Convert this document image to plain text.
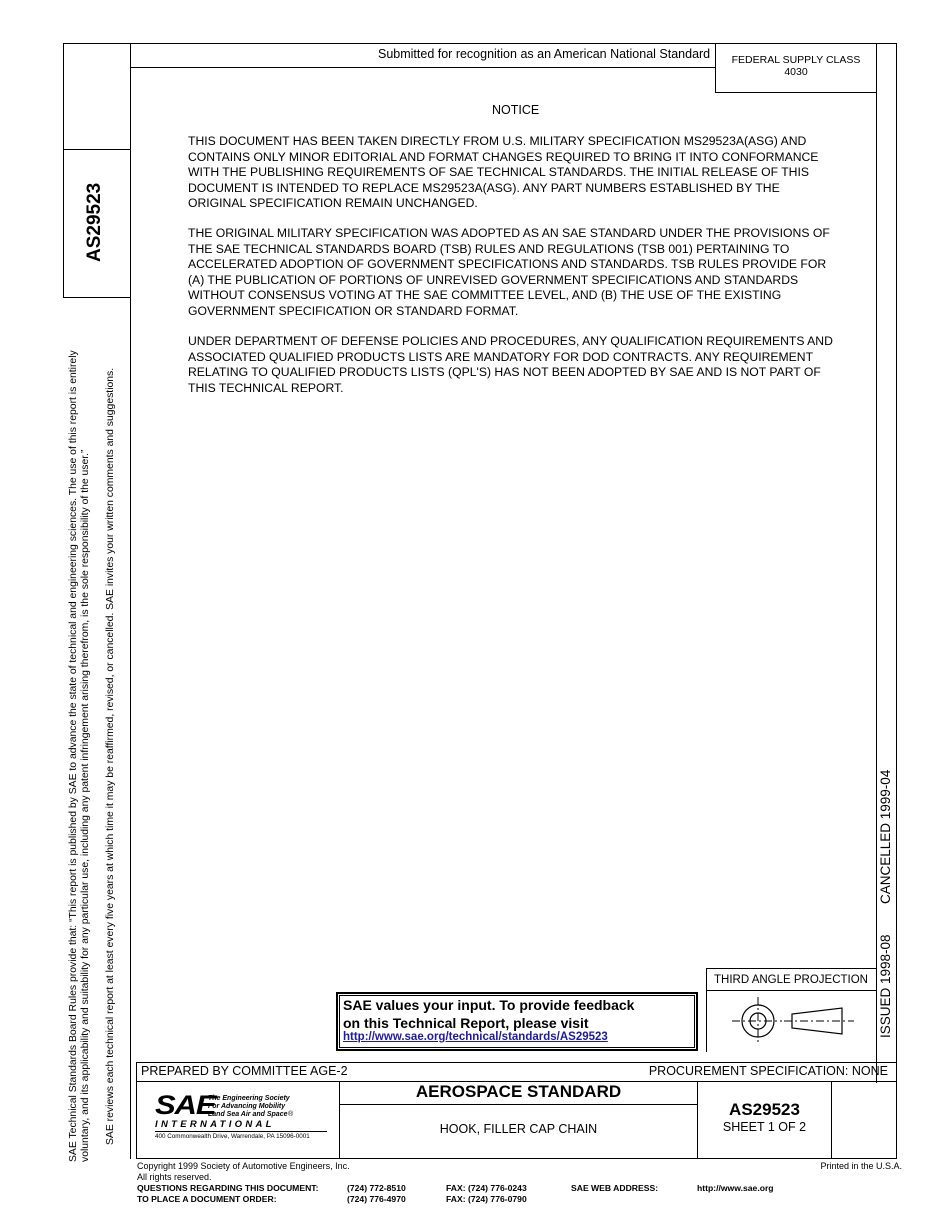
Submitted for recognition as an American National Standard	FEDERAL SUPPLY CLASS
4030
AS29523
SAE Technical Standards Board Rules provide that: “This report is published by SAE to advance the state of technical and engineering sciences. The use of this report is entirely voluntary, and its applicability and suitability for any particular use, including any patent infringement arising therefrom, is the sole responsibility of the user.” SAE reviews each technical report at least every five years at which time it may be reaffirmed, revised, or cancelled. SAE invites your written comments and suggestions.	CANCELLED 1999-04
ISSUED 1998-08
NOTICE
THIS DOCUMENT HAS BEEN TAKEN DIRECTLY FROM U.S. MILITARY SPECIFICATION MS29523A(ASG) AND
CONTAINS ONLY MINOR EDITORIAL AND FORMAT CHANGES REQUIRED TO BRING IT INTO CONFORMANCE
WITH THE PUBLISHING REQUIREMENTS OF SAE TECHNICAL STANDARDS. THE INITIAL RELEASE OF THIS
DOCUMENT IS INTENDED TO REPLACE MS29523A(ASG). ANY PART NUMBERS ESTABLISHED BY THE
ORIGINAL SPECIFICATION REMAIN UNCHANGED.
THE ORIGINAL MILITARY SPECIFICATION WAS ADOPTED AS AN SAE STANDARD UNDER THE PROVISIONS OF
THE SAE TECHNICAL STANDARDS BOARD (TSB) RULES AND REGULATIONS (TSB 001) PERTAINING TO
ACCELERATED ADOPTION OF GOVERNMENT SPECIFICATIONS AND STANDARDS. TSB RULES PROVIDE FOR
(A) THE PUBLICATION OF PORTIONS OF UNREVISED GOVERNMENT SPECIFICATIONS AND STANDARDS
WITHOUT CONSENSUS VOTING AT THE SAE COMMITTEE LEVEL, AND (B) THE USE OF THE EXISTING
GOVERNMENT SPECIFICATION OR STANDARD FORMAT.
UNDER DEPARTMENT OF DEFENSE POLICIES AND PROCEDURES, ANY QUALIFICATION REQUIREMENTS AND
ASSOCIATED QUALIFIED PRODUCTS LISTS ARE MANDATORY FOR DOD CONTRACTS. ANY REQUIREMENT
RELATING TO QUALIFIED PRODUCTS LISTS (QPL'S) HAS NOT BEEN ADOPTED BY SAE AND IS NOT PART OF
THIS TECHNICAL REPORT.
SAE values your input. To provide feedback
on this Technical Report, please visit
http://www.sae.org/technical/standards/AS29523
THIRD ANGLE PROJECTION
PREPARED BY COMMITTEE AGE-2	PROCUREMENT SPECIFICATION: NONE
AEROSPACE STANDARD
HOOK, FILLER CAP CHAIN
AS29523
SHEET 1 OF 2
SAE
The Engineering Society
For Advancing Mobility
Land Sea Air and Space ®
INTERNATIONAL
400 Commonwealth Drive, Warrendale, PA 15096-0001
Copyright 1999 Society of Automotive Engineers, Inc.
All rights reserved.
Printed in the U.S.A.
QUESTIONS REGARDING THIS DOCUMENT:	(724) 772-8510	FAX: (724) 776-0243	SAE WEB ADDRESS:	http://www.sae.org
TO PLACE A DOCUMENT ORDER:	(724) 776-4970	FAX: (724) 776-0790
